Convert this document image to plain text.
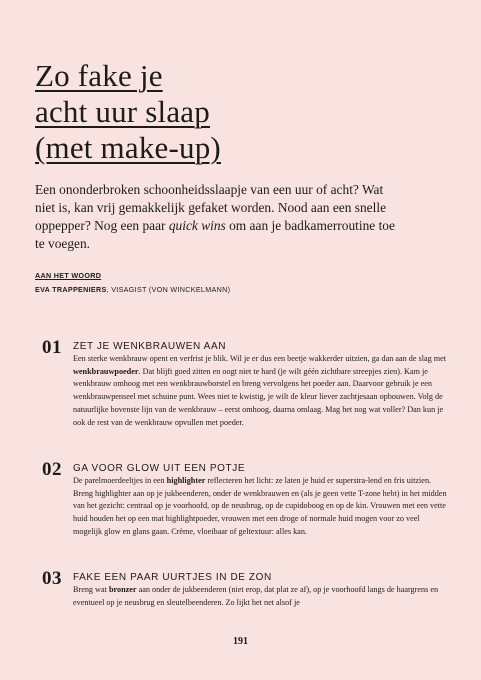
Zo fake je
acht uur slaap
(met make-up)

Een ononderbroken schoonheidsslaapje van een uur of acht? Wat niet is, kan vrij gemakkelijk gefaket worden. Nood aan een snelle oppepper? Nog een paar quick wins om aan je badkamerroutine toe te voegen.

AAN HET WOORD
EVA TRAPPENIERS, VISAGIST (VON WINCKELMANN)
01 ZET JE WENKBRAUWEN AAN

Een sterke wenkbrauw opent en verfrist je blik. Wil je er dus een beetje wakkerder uitzien, ga dan aan de slag met wenkbrauwpoeder. Dat blijft goed zitten en oogt niet te hard (je wilt géén zichtbare streepjes zien). Kam je wenkbrauw omhoog met een wenkbrauwborstel en breng vervolgens het poeder aan. Daarvoor gebruik je een wenkbrauwpenseel met schuine punt. Wees niet te kwistig, je wilt de kleur liever zachtjesaan opbouwen. Volg de natuurlijke bovenste lijn van de wenkbrauw – eerst omhoog, daarna omlaag. Mag het nog wat voller? Dan kun je ook de rest van de wenkbrauw opvullen met poeder.

02 GA VOOR GLOW UIT EEN POTJE

De parelmoerdeeltjes in een highlighter reflecteren het licht: ze laten je huid er superstra-lend en fris uitzien. Breng highlighter aan op je jukbeenderen, onder de wenkbrauwen en (als je geen vette T-zone hebt) in het midden van het gezicht: centraal op je voorhoofd, op de neusbrug, op de cupidoboog en op de kin. Vrouwen met een vette huid houden het op een mat highlightpoeder, vrouwen met een droge of normale huid mogen voor zo veel mogelijk glow en glans gaan. Crème, vloeibaar of geltextuur: alles kan.

03 FAKE EEN PAAR UURTJES IN DE ZON

Breng wat bronzer aan onder de jukbeenderen (niet erop, dat plat ze af), op je voorhoofd langs de haargrens en eventueel op je neusbrug en sleutelbeenderen. Zo lijkt het net alsof je

191
